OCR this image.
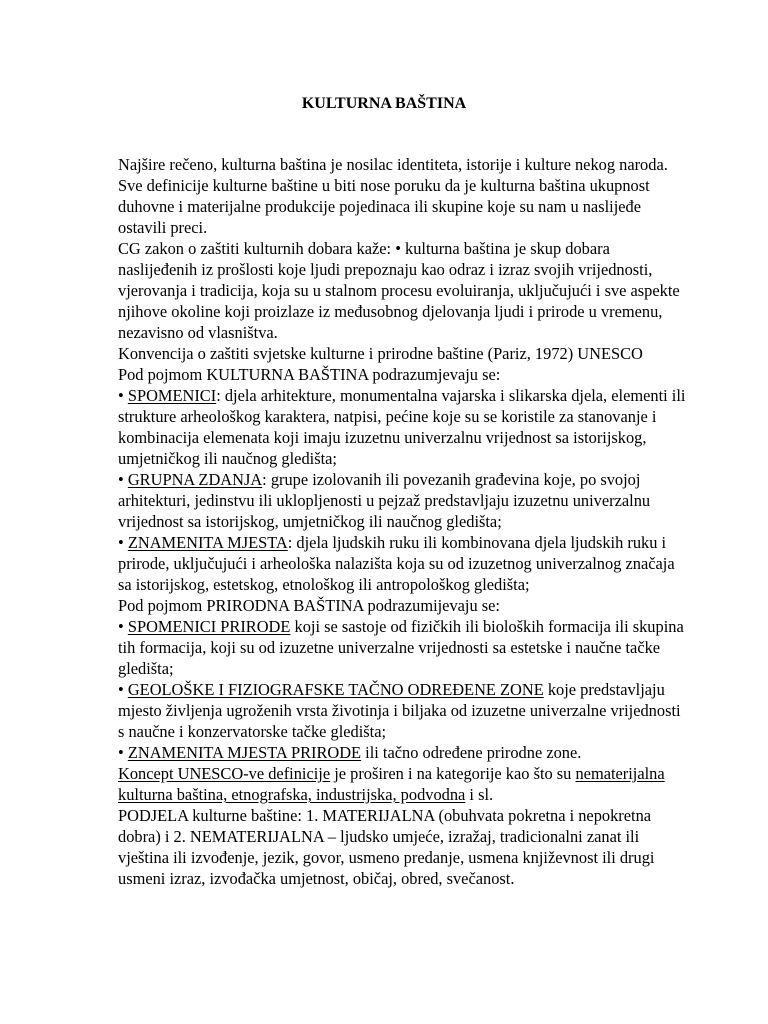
KULTURNA BAŠTINA

Najšire rečeno, kulturna baština je nosilac identiteta, istorije i kulture nekog naroda. Sve definicije kulturne baštine u biti nose poruku da je kulturna baština ukupnost duhovne i materijalne produkcije pojedinaca ili skupine koje su nam u naslijeđe ostavili preci.

CG zakon o zaštiti kulturnih dobara kaže: • kulturna baština je skup dobara naslijeđenih iz prošlosti koje ljudi prepoznaju kao odraz i izraz svojih vrijednosti, vjerovanja i tradicija, koja su u stalnom procesu evoluiranja, uključujući i sve aspekte njihove okoline koji proizlaze iz međusobnog djelovanja ljudi i prirode u vremenu, nezavisno od vlasništva.

Konvencija o zaštiti svjetske kulturne i prirodne baštine (Pariz, 1972) UNESCO

Pod pojmom KULTURNA BAŠTINA podrazumjevaju se:

• SPOMENICI: djela arhitekture, monumentalna vajarska i slikarska djela, elementi ili strukture arheološkog karaktera, natpisi, pećine koje su se koristile za stanovanje i kombinacija elemenata koji imaju izuzetnu univerzalnu vrijednost sa istorijskog, umjetničkog ili naučnog gledišta;

• GRUPNA ZDANJA: grupe izolovanih ili povezanih građevina koje, po svojoj arhitekturi, jedinstvu ili uklopljenosti u pejzaž predstavljaju izuzetnu univerzalnu vrijednost sa istorijskog, umjetničkog ili naučnog gledišta;

• ZNAMENITA MJESTA: djela ljudskih ruku ili kombinovana djela ljudskih ruku i prirode, uključujući i arheološka nalazišta koja su od izuzetnog univerzalnog značaja sa istorijskog, estetskog, etnološkog ili antropološkog gledišta;

Pod pojmom PRIRODNA BAŠTINA podrazumijevaju se:

• SPOMENICI PRIRODE koji se sastoje od fizičkih ili bioloških formacija ili skupina tih formacija, koji su od izuzetne univerzalne vrijednosti sa estetske i naučne tačke gledišta;

• GEOLOŠKE I FIZIOGRAFSKE TAČNO ODREĐENE ZONE koje predstavljaju mjesto življenja ugroženih vrsta životinja i biljaka od izuzetne univerzalne vrijednosti s naučne i konzervatorske tačke gledišta;

• ZNAMENITA MJESTA PRIRODE ili tačno određene prirodne zone.

Koncept UNESCO-ve definicije je proširen i na kategorije kao što su nematerijalna kulturna baština, etnografska, industrijska, podvodna i sl.

PODJELA kulturne baštine: 1. MATERIJALNA (obuhvata pokretna i nepokretna dobra) i 2. NEMATERIJALNA – ljudsko umjeće, izražaj, tradicionalni zanat ili vještina ili izvođenje, jezik, govor, usmeno predanje, usmena književnost ili drugi usmeni izraz, izvođačka umjetnost, običaj, obred, svečanost.
